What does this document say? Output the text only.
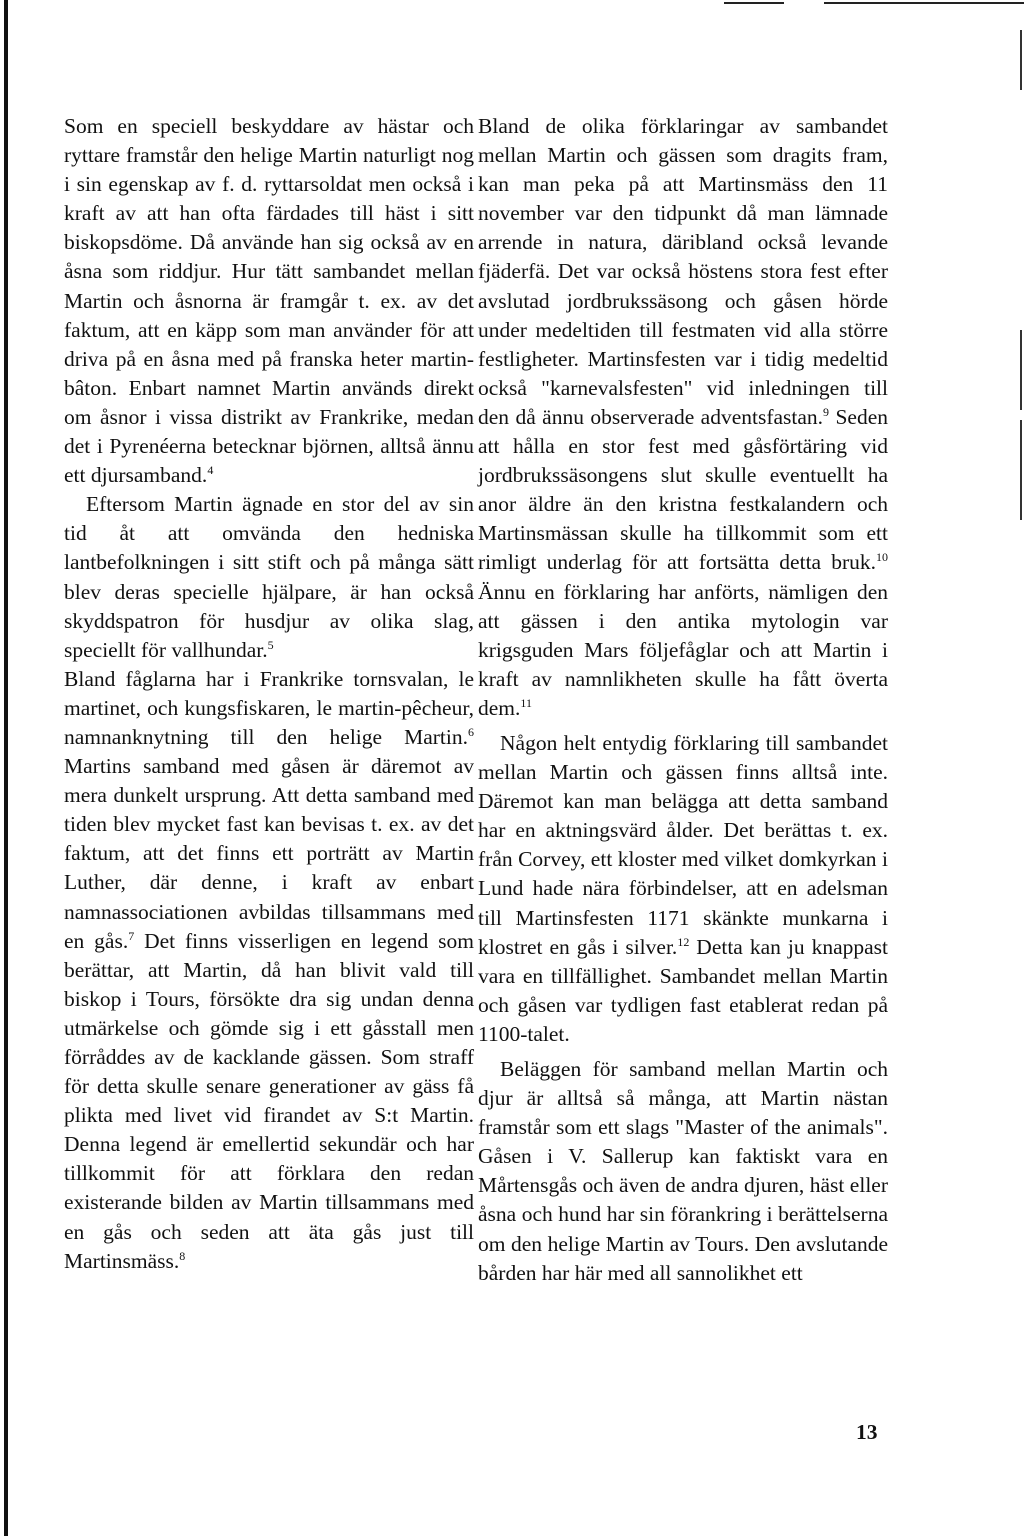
Som en speciell beskyddare av hästar och ryttare framstår den helige Martin naturligt nog i sin egenskap av f. d. ryttarsoldat men också i kraft av att han ofta färdades till häst i sitt biskopsdöme. Då använde han sig också av en åsna som riddjur. Hur tätt sambandet mellan Martin och åsnorna är framgår t. ex. av det faktum, att en käpp som man använder för att driva på en åsna med på franska heter martin-bâton. Enbart namnet Martin används direkt om åsnor i vissa distrikt av Frankrike, medan det i Pyrenéerna betecknar björnen, alltså ännu ett djursamband.$^4$

Eftersom Martin ägnade en stor del av sin tid åt att omvända den hedniska lantbefolkningen i sitt stift och på många sätt blev deras specielle hjälpare, är han också skyddspatron för husdjur av olika slag, speciellt för vallhundar.$^5$

Bland fåglarna har i Frankrike tornsvalan, le martinet, och kungsfiskaren, le martin-pêcheur, namnanknytning till den helige Martin.$^6$ Martins samband med gåsen är däremot av mera dunkelt ursprung. Att detta samband med tiden blev mycket fast kan bevisas t. ex. av det faktum, att det finns ett porträtt av Martin Luther, där denne, i kraft av enbart namnassociationen avbildas tillsammans med en gås.$^7$ Det finns visserligen en legend som berättar, att Martin, då han blivit vald till biskop i Tours, försökte dra sig undan denna utmärkelse och gömde sig i ett gåsstall men förråddes av de kacklande gässen. Som straff för detta skulle senare generationer av gäss få plikta med livet vid firandet av S:t Martin. Denna legend är emellertid sekundär och har tillkommit för att förklara den redan existerande bilden av Martin tillsammans med en gås och seden att äta gås just till Martinsmäss.$^8$

Bland de olika förklaringar av sambandet mellan Martin och gässen som dragits fram, kan man peka på att Martinsmäss den 11 november var den tidpunkt då man lämnade arrende in natura, däribland också levande fjäderfä. Det var också höstens stora fest efter avslutad jordbrukssäsong och gåsen hörde under medeltiden till festmaten vid alla större festligheter. Martinsfesten var i tidig medeltid också "karnevalsfesten" vid inledningen till den då ännu observerade adventsfastan.$^9$ Seden att hålla en stor fest med gåsförtäring vid jordbrukssäsongens slut skulle eventuellt ha anor äldre än den kristna festkalandern och Martinsmässan skulle ha tillkommit som ett rimligt underlag för att fortsätta detta bruk.$^{10}$ Ännu en förklaring har anförts, nämligen den att gässen i den antika mytologin var krigsguden Mars följefåglar och att Martin i kraft av namnlikheten skulle ha fått överta dem.$^{11}$

Någon helt entydig förklaring till sambandet mellan Martin och gässen finns alltså inte. Däremot kan man belägga att detta samband har en aktningsvärd ålder. Det berättas t. ex. från Corvey, ett kloster med vilket domkyrkan i Lund hade nära förbindelser, att en adelsman till Martinsfesten 1171 skänkte munkarna i klostret en gås i silver.$^{12}$ Detta kan ju knappast vara en tillfällighet. Sambandet mellan Martin och gåsen var tydligen fast etablerat redan på 1100-talet.

Beläggen för samband mellan Martin och djur är alltså så många, att Martin nästan framstår som ett slags "Master of the animals". Gåsen i V. Sallerup kan faktiskt vara en Mårtensgås och även de andra djuren, häst eller åsna och hund har sin förankring i berättelserna om den helige Martin av Tours. Den avslutande bården har här med all sannolikhet ett

13
